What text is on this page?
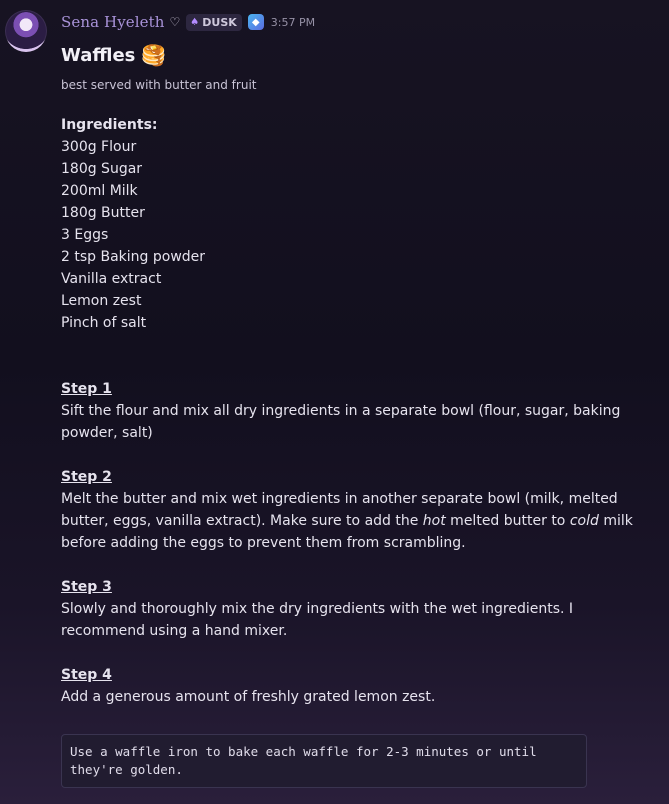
Sena Hyeleth ♡ ♠ DUSK	◆	3:57 PM
Waffles 🥞
best served with butter and fruit
Ingredients:
300g Flour
180g Sugar
200ml Milk
180g Butter
3 Eggs
2 tsp Baking powder
Vanilla extract
Lemon zest
Pinch of salt
Step 1
Sift the flour and mix all dry ingredients in a separate bowl (flour, sugar, baking powder, salt)
Step 2
Melt the butter and mix wet ingredients in another separate bowl (milk, melted butter, eggs, vanilla extract). Make sure to add the hot melted butter to cold milk before adding the eggs to prevent them from scrambling.
Step 3
Slowly and thoroughly mix the dry ingredients with the wet ingredients. I recommend using a hand mixer.
Step 4
Add a generous amount of freshly grated lemon zest.
Use a waffle iron to bake each waffle for 2-3 minutes or until they're golden.
